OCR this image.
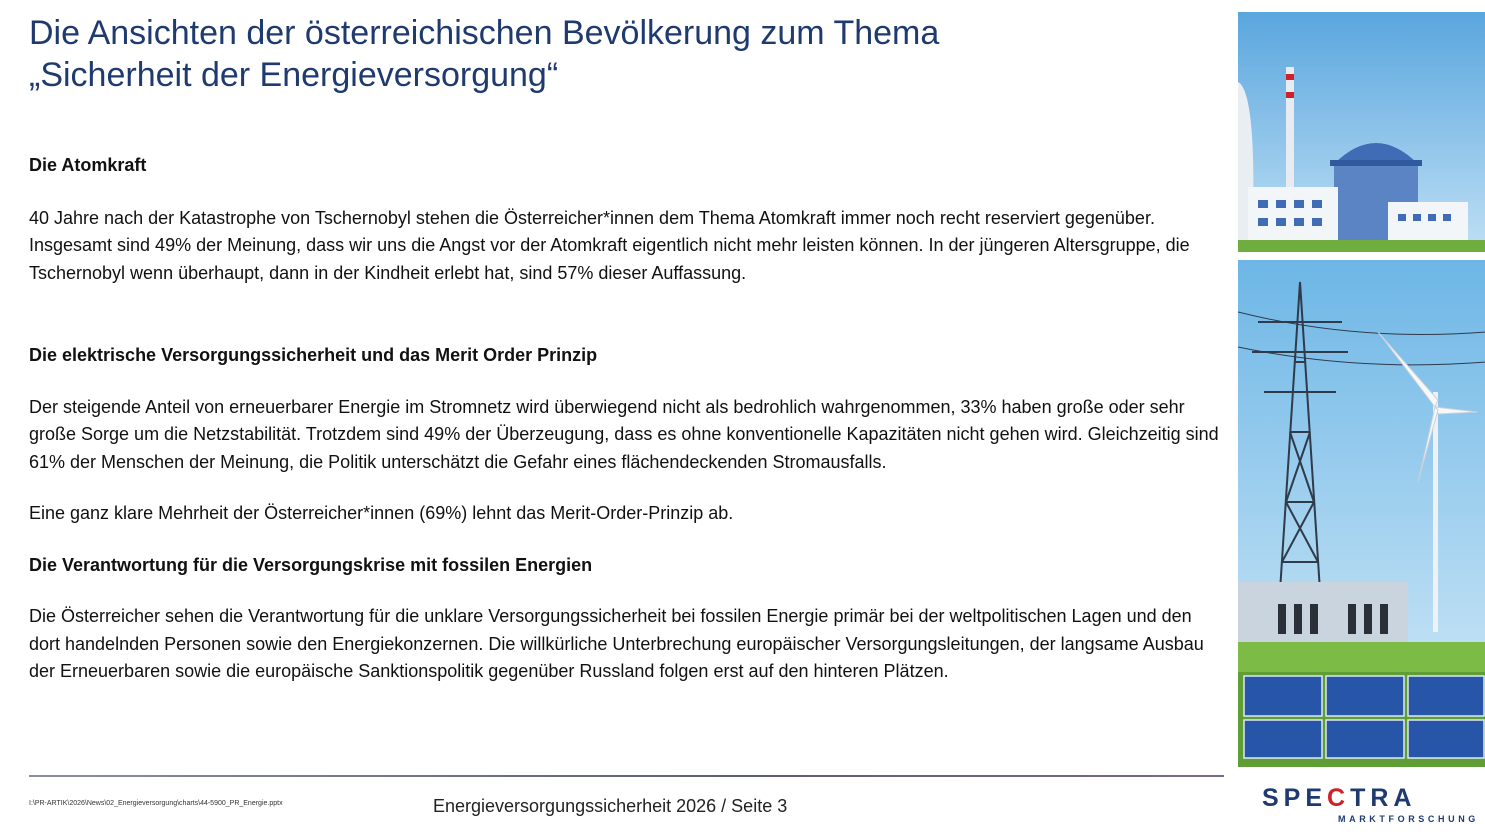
Die Ansichten der österreichischen Bevölkerung zum Thema
„Sicherheit der Energieversorgung“
Die Atomkraft

40 Jahre nach der Katastrophe von Tschernobyl stehen die Österreicher*innen dem Thema Atomkraft immer noch recht reserviert gegenüber. Insgesamt sind 49% der Meinung, dass wir uns die Angst vor der Atomkraft eigentlich nicht mehr leisten können. In der jüngeren Altersgruppe, die Tschernobyl wenn überhaupt, dann in der Kindheit erlebt hat, sind 57% dieser Auffassung.

Die elektrische Versorgungssicherheit und das Merit Order Prinzip

Der steigende Anteil von erneuerbarer Energie im Stromnetz wird überwiegend nicht als bedrohlich wahrgenommen, 33% haben große oder sehr große Sorge um die Netzstabilität. Trotzdem sind 49% der Überzeugung, dass es ohne konventionelle Kapazitäten nicht gehen wird. Gleichzeitig sind 61% der Menschen der Meinung, die Politik unterschätzt die Gefahr eines flächendeckenden Stromausfalls.

Eine ganz klare Mehrheit der Österreicher*innen (69%) lehnt das Merit-Order-Prinzip ab.

Die Verantwortung für die Versorgungskrise mit fossilen Energien

Die Österreicher sehen die Verantwortung für die unklare Versorgungssicherheit bei fossilen Energie primär bei der weltpolitischen Lagen und den dort handelnden Personen sowie den Energiekonzernen. Die willkürliche Unterbrechung europäischer Versorgungsleitungen, der langsame Ausbau der Erneuerbaren sowie die europäische Sanktionspolitik gegenüber Russland folgen erst auf den hinteren Plätzen.

I:\PR-ARTIK\2026\News\02_Energieversorgung\charts\44-5900_PR_Energie.pptx	Energieversorgungssicherheit 2026 / Seite 3	SPECTRA
MARKTFORSCHUNG
